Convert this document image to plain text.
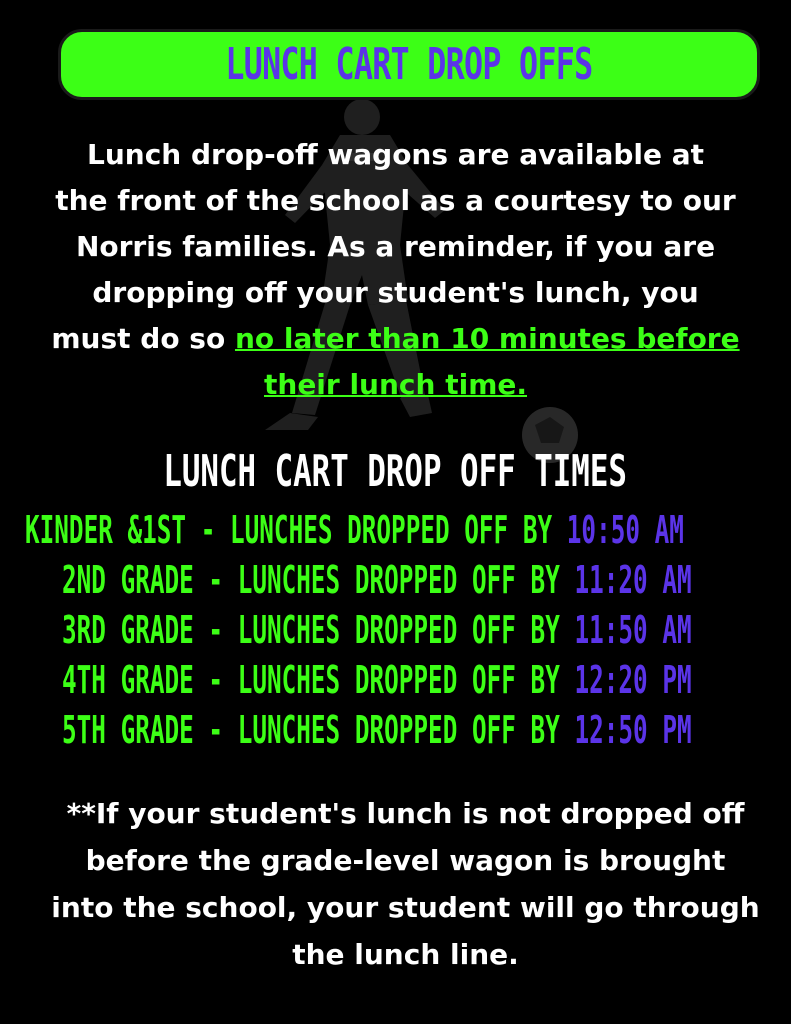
LUNCH CART DROP OFFS
Lunch drop-off wagons are available at
the front of the school as a courtesy to our
Norris families. As a reminder, if you are
dropping off your student's lunch, you
must do so no later than 10 minutes before
their lunch time.
LUNCH CART DROP OFF TIMES
KINDER &1ST - LUNCHES DROPPED OFF BY 10:50 AM
2ND GRADE - LUNCHES DROPPED OFF BY 11:20 AM
3RD GRADE - LUNCHES DROPPED OFF BY 11:50 AM
4TH GRADE - LUNCHES DROPPED OFF BY 12:20 PM
5TH GRADE - LUNCHES DROPPED OFF BY 12:50 PM
**If your student's lunch is not dropped off
before the grade-level wagon is brought
into the school, your student will go through
the lunch line.
